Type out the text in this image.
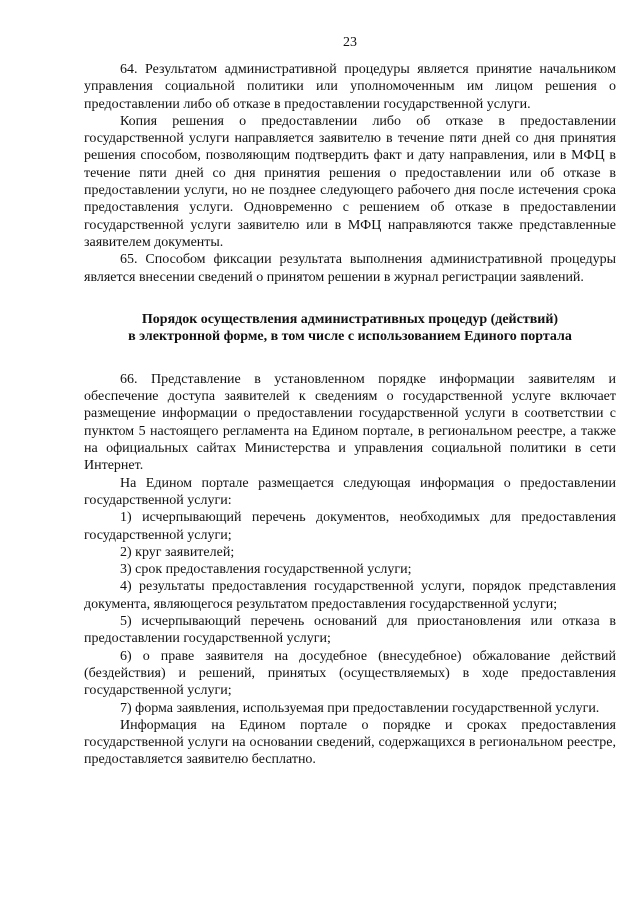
23

64. Результатом административной процедуры является принятие начальником управления социальной политики или уполномоченным им лицом решения о предоставлении либо об отказе в предоставлении государственной услуги.

Копия решения о предоставлении либо об отказе в предоставлении государственной услуги направляется заявителю в течение пяти дней со дня принятия решения способом, позволяющим подтвердить факт и дату направления, или в МФЦ в течение пяти дней со дня принятия решения о предоставлении или об отказе в предоставлении услуги, но не позднее следующего рабочего дня после истечения срока предоставления услуги. Одновременно с решением об отказе в предоставлении государственной услуги заявителю или в МФЦ направляются также представленные заявителем документы.

65. Способом фиксации результата выполнения административной процедуры является внесении сведений о принятом решении в журнал регистрации заявлений.

Порядок осуществления административных процедур (действий)
в электронной форме, в том числе с использованием Единого портала

66. Представление в установленном порядке информации заявителям и обеспечение доступа заявителей к сведениям о государственной услуге включает размещение информации о предоставлении государственной услуги в соответствии с пунктом 5 настоящего регламента на Едином портале, в региональном реестре, а также на официальных сайтах Министерства и управления социальной политики в сети Интернет.

На Едином портале размещается следующая информация о предоставлении государственной услуги:

1) исчерпывающий перечень документов, необходимых для предоставления государственной услуги;

2) круг заявителей;

3) срок предоставления государственной услуги;

4) результаты предоставления государственной услуги, порядок представления документа, являющегося результатом предоставления государственной услуги;

5) исчерпывающий перечень оснований для приостановления или отказа в предоставлении государственной услуги;

6) о праве заявителя на досудебное (внесудебное) обжалование действий (бездействия) и решений, принятых (осуществляемых) в ходе предоставления государственной услуги;

7) форма заявления, используемая при предоставлении государственной услуги.

Информация на Едином портале о порядке и сроках предоставления государственной услуги на основании сведений, содержащихся в региональном реестре, предоставляется заявителю бесплатно.
